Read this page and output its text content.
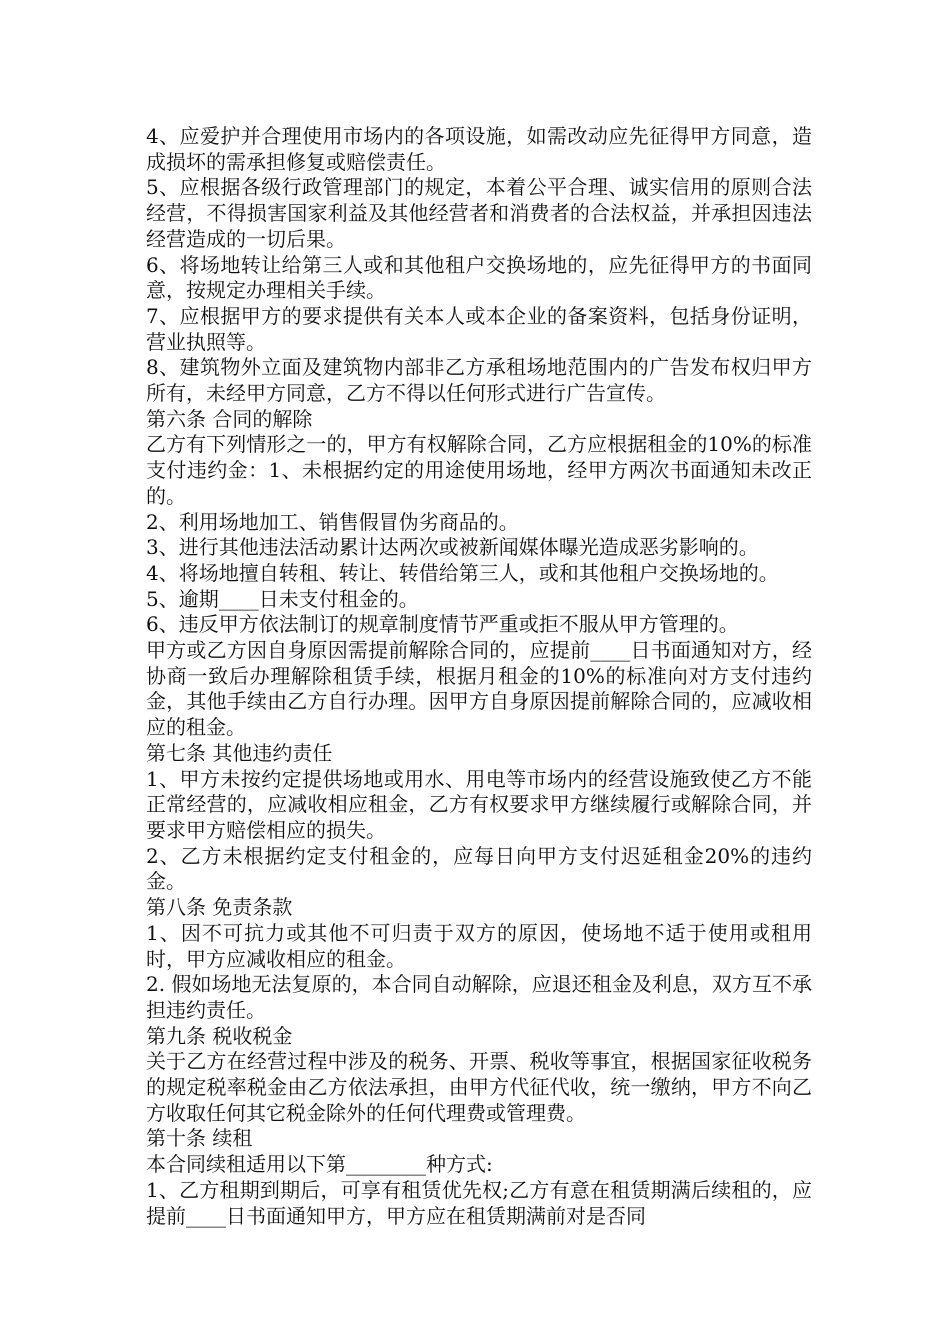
4、应爱护并合理使用市场内的各项设施，如需改动应先征得甲方同意，造成损坏的需承担修复或赔偿责任。

5、应根据各级行政管理部门的规定，本着公平合理、诚实信用的原则合法经营，不得损害国家利益及其他经营者和消费者的合法权益，并承担因违法经营造成的一切后果。

6、将场地转让给第三人或和其他租户交换场地的，应先征得甲方的书面同意，按规定办理相关手续。

7、应根据甲方的要求提供有关本人或本企业的备案资料，包括身份证明，营业执照等。

8、建筑物外立面及建筑物内部非乙方承租场地范围内的广告发布权归甲方所有，未经甲方同意，乙方不得以任何形式进行广告宣传。

第六条 合同的解除

乙方有下列情形之一的，甲方有权解除合同，乙方应根据租金的10%的标准支付违约金：1、未根据约定的用途使用场地，经甲方两次书面通知未改正的。

2、利用场地加工、销售假冒伪劣商品的。

3、进行其他违法活动累计达两次或被新闻媒体曝光造成恶劣影响的。

4、将场地擅自转租、转让、转借给第三人，或和其他租户交换场地的。

5、逾期____日未支付租金的。

6、违反甲方依法制订的规章制度情节严重或拒不服从甲方管理的。

甲方或乙方因自身原因需提前解除合同的，应提前____日书面通知对方，经协商一致后办理解除租赁手续，根据月租金的10%的标准向对方支付违约金，其他手续由乙方自行办理。因甲方自身原因提前解除合同的，应减收相应的租金。

第七条 其他违约责任

1、甲方未按约定提供场地或用水、用电等市场内的经营设施致使乙方不能正常经营的，应减收相应租金，乙方有权要求甲方继续履行或解除合同，并要求甲方赔偿相应的损失。

2、乙方未根据约定支付租金的，应每日向甲方支付迟延租金20%的违约金。

第八条 免责条款

1、因不可抗力或其他不可归责于双方的原因，使场地不适于使用或租用时，甲方应减收相应的租金。

2. 假如场地无法复原的，本合同自动解除，应退还租金及利息，双方互不承担违约责任。

第九条 税收税金

关于乙方在经营过程中涉及的税务、开票、税收等事宜，根据国家征收税务的规定税率税金由乙方依法承担，由甲方代征代收，统一缴纳，甲方不向乙方收取任何其它税金除外的任何代理费或管理费。

第十条 续租

本合同续租适用以下第________种方式:

1、乙方租期到期后，可享有租赁优先权;乙方有意在租赁期满后续租的，应提前____日书面通知甲方，甲方应在租赁期满前对是否同
